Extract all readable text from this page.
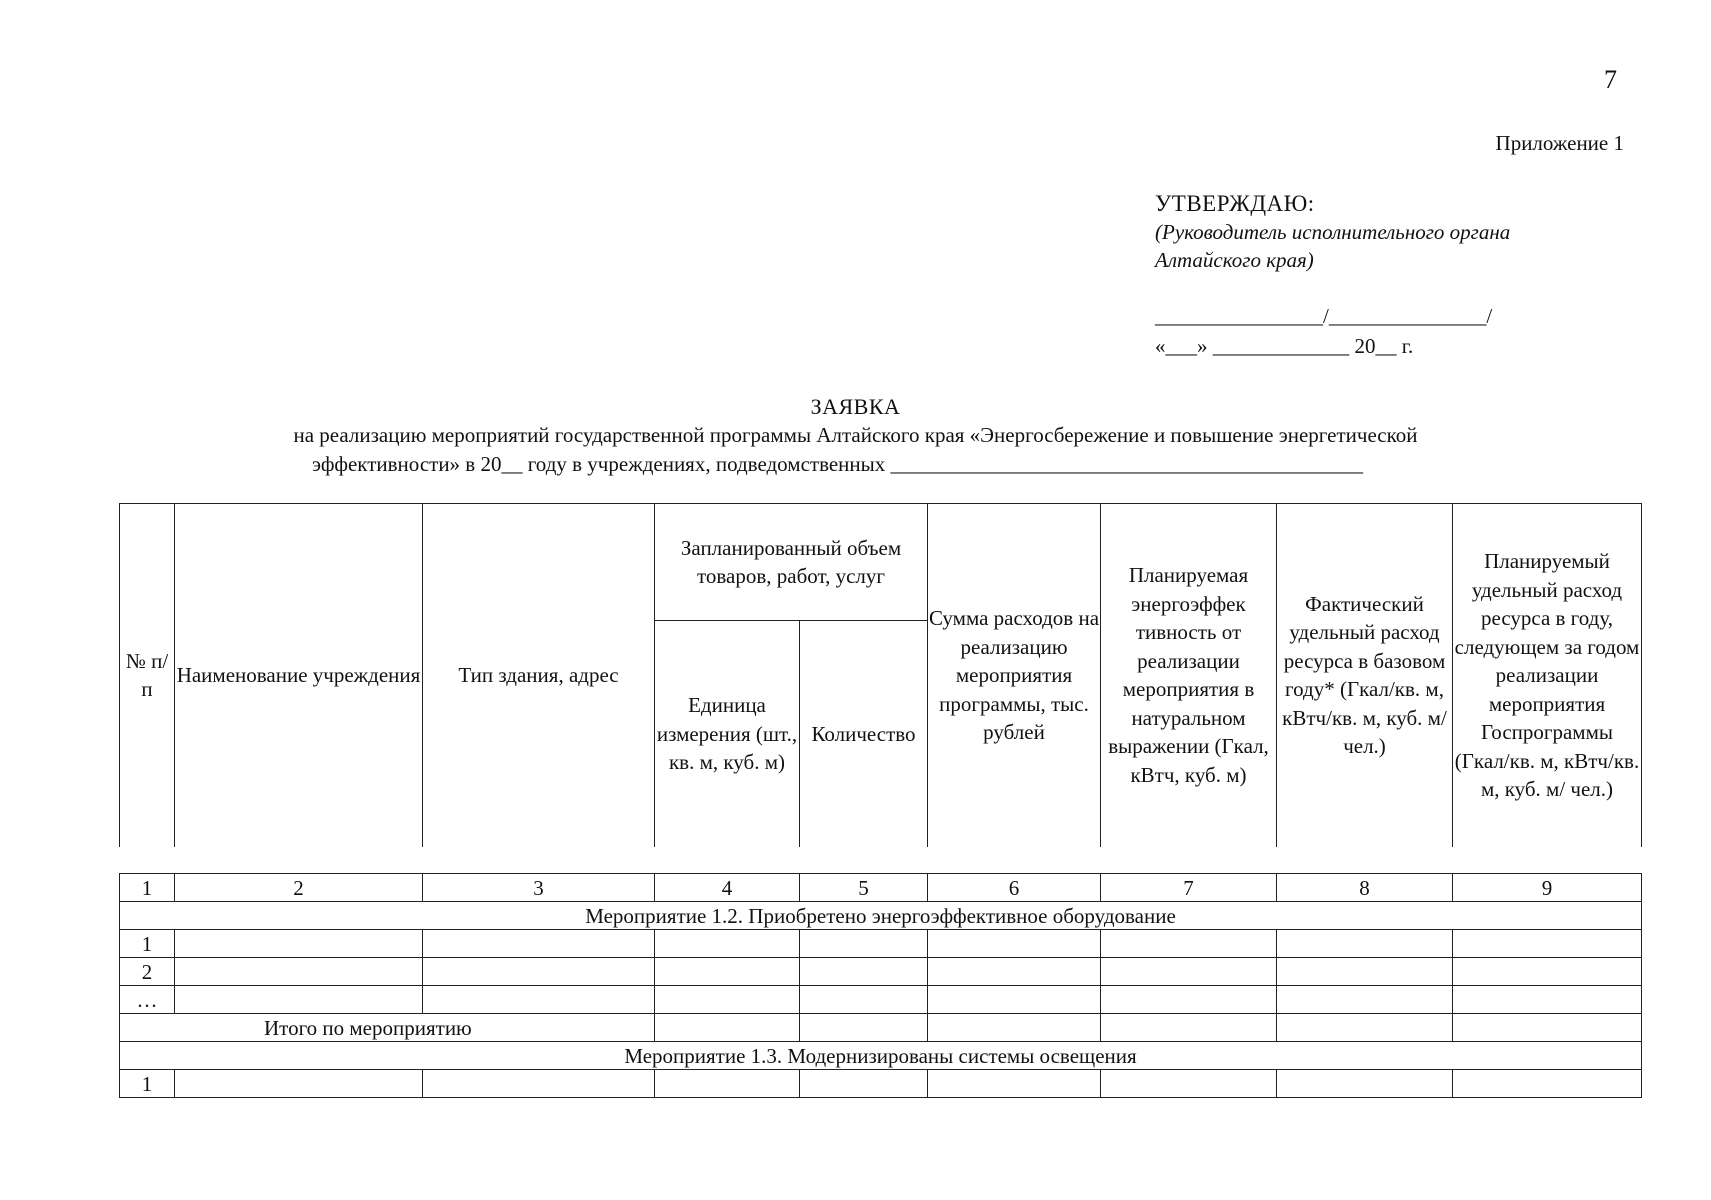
7
Приложение 1
УТВЕРЖДАЮ:
(Руководитель исполнительного органа
Алтайского края)
________________/_______________/
«___» _____________ 20__ г.
ЗАЯВКА
на реализацию мероприятий государственной программы Алтайского края «Энергосбережение и повышение энергетической
эффективности» в 20__ году в учреждениях, подведомственных _____________________________________________
№ п/ п	Наименование учреждения	Тип здания, адрес	Запланированный объем товаров, работ, услуг		Сумма расходов на реализацию мероприятия программы, тыс. рублей	Планируемая энергоэффек тивность от реализации мероприятия в натуральном выражении (Гкал, кВтч, куб. м)	Фактический удельный расход ресурса в базовом году* (Гкал/кв. м, кВтч/кв. м, куб. м/ чел.)	Планируемый удельный расход ресурса в году, следующем за годом реализации мероприятия Госпрограммы (Гкал/кв. м, кВтч/кв. м, куб. м/ чел.)
			Единица измерения (шт., кв. м, куб. м)	Количество				
1	2	3	4	5	6	7	8	9
Мероприятие 1.2. Приобретено энергоэффективное оборудование								
1								
2								
…								
Итого по мероприятию								
Мероприятие 1.3. Модернизированы системы освещения								
1								
